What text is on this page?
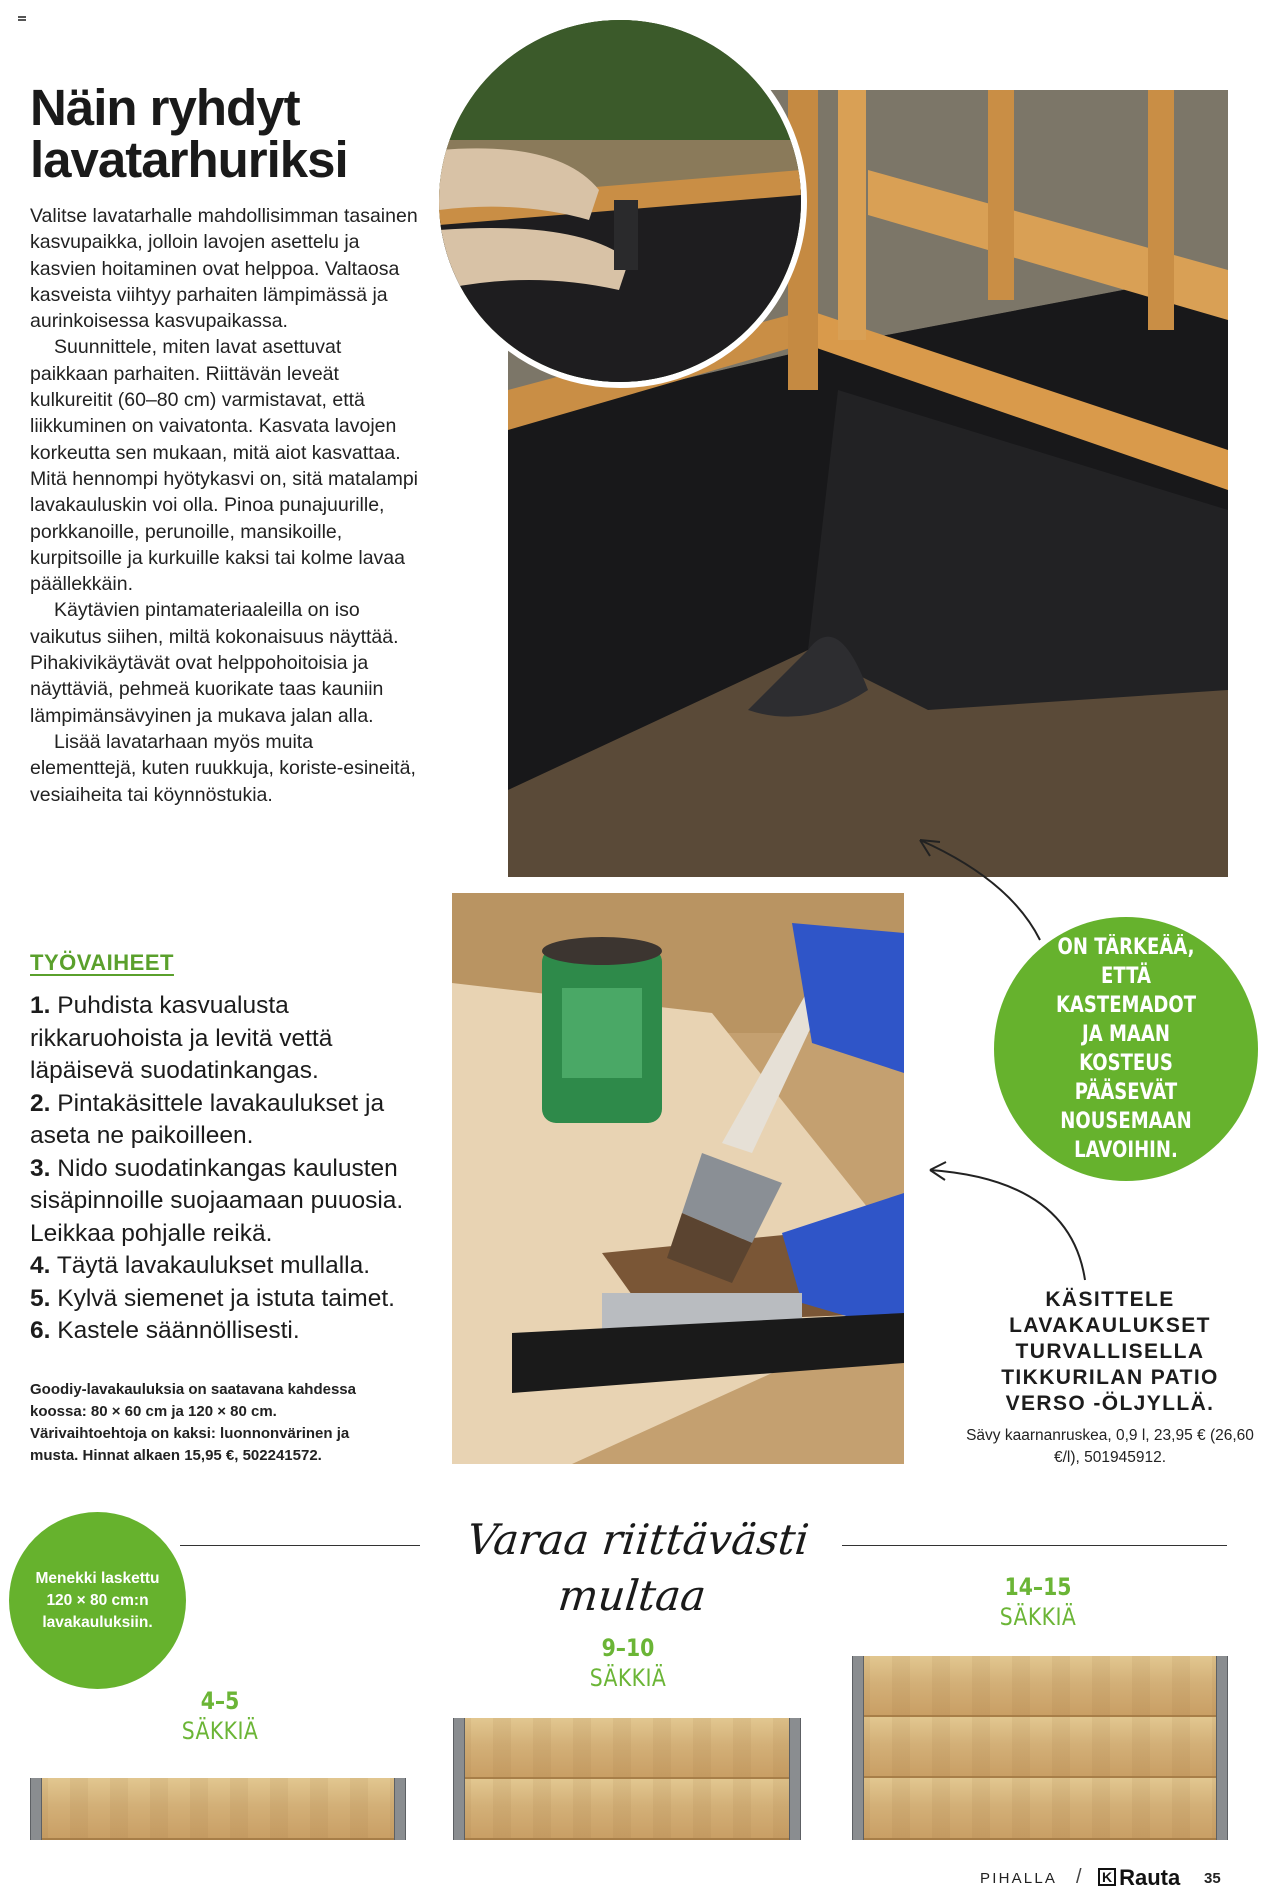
Näin ryhdyt lavatarhuriksi

Valitse lavatarhalle mahdollisimman tasainen kasvupaikka, jolloin lavojen asettelu ja kasvien hoitaminen ovat helppoa. Valtaosa kasveista viihtyy parhaiten lämpimässä ja aurinkoisessa kasvupaikassa.

Suunnittele, miten lavat asettuvat paikkaan parhaiten. Riittävän leveät kulkureitit (60–80 cm) varmistavat, että liikkuminen on vaivatonta. Kasvata lavojen korkeutta sen mukaan, mitä aiot kasvattaa. Mitä hennompi hyötykasvi on, sitä matalampi lavakauluskin voi olla. Pinoa punajuurille, porkkanoille, perunoille, mansikoille, kurpitsoille ja kurkuille kaksi tai kolme lavaa päällekkäin.

Käytävien pintamateriaaleilla on iso vaikutus siihen, miltä kokonaisuus näyttää. Pihakivikäytävät ovat helppohoitoisia ja näyttäviä, pehmeä kuorikate taas kauniin lämpimänsävyinen ja mukava jalan alla.

Lisää lavatarhaan myös muita elementtejä, kuten ruukkuja, koriste-esineitä, vesiaiheita tai köynnöstukia.

TYÖVAIHEET
1. Puhdista kasvualusta rikkaruohoista ja levitä vettä läpäisevä suodatinkangas.
2. Pintakäsittele lavakaulukset ja aseta ne paikoilleen.
3. Nido suodatinkangas kaulusten sisäpinnoille suojaamaan puuosia. Leikkaa pohjalle reikä.
4. Täytä lavakaulukset mullalla.
5. Kylvä siemenet ja istuta taimet.
6. Kastele säännöllisesti.
Goodiy-lavakauluksia on saatavana kahdessa koossa: 80 × 60 cm ja 120 × 80 cm. Värivaihtoehtoja on kaksi: luonnonvärinen ja musta. Hinnat alkaen 15,95 €, 502241572.
ON TÄRKEÄÄ, ETTÄ KASTEMADOT JA MAAN KOSTEUS PÄÄSEVÄT NOUSEMAAN LAVOIHIN.
KÄSITTELE LAVAKAULUKSET TURVALLISELLA TIKKURILAN PATIO VERSO -ÖLJYLLÄ.
Sävy kaarnanruskea, 0,9 l, 23,95 € (26,60 €/l), 501945912.
Varaa riittävästi multaa
Menekki laskettu 120 × 80 cm:n lavakauluksiin.
4–5
SÄKKIÄ
9–10
SÄKKIÄ
14–15
SÄKKIÄ
PIHALLA / K Rauta 35
